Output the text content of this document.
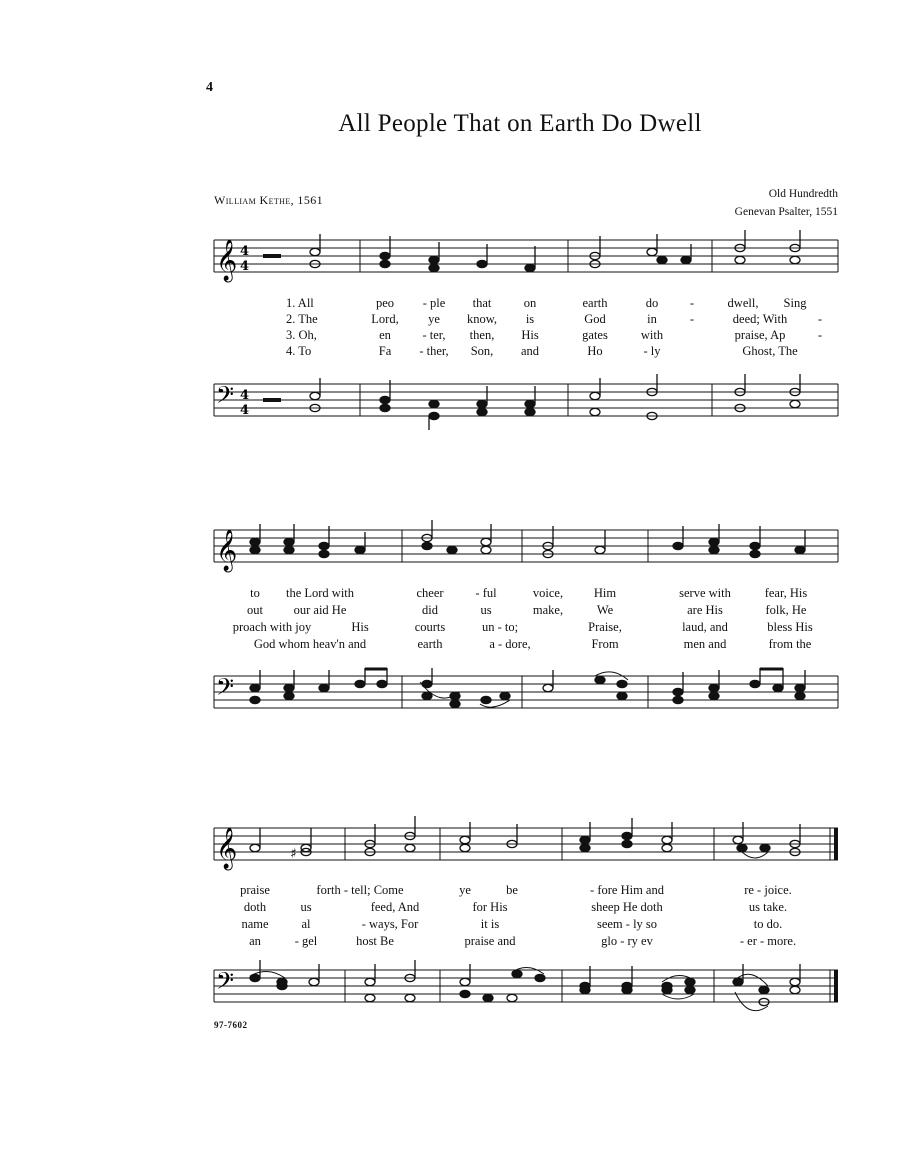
4
All People That on Earth Do Dwell
William Kethe, 1561	Old Hundredth
Genevan Psalter, 1551
97-7602
𝄞 4
4
1. All	peo - ple that	on	earth	do	-	dwell, Sing
2. The	Lord, ye know, is	God	in	-	deed; With -
3. Oh,	en	- ter, then, His	gates	with	praise, Ap	-
4. To	Fa - ther, Son, and	Ho	- ly	Ghost, The
𝄢 4
4
𝄞
to the Lord with	cheer	- ful	voice, Him	serve with	fear, His
out our aid He	did	us	make,	We	are His	folk, He
proach with joy	His	courts	un - to;	Praise,	laud, and	bless His
God whom heav'n and	earth	a - dore,	From	men and	from the
𝄢
𝄞	♯
praise	forth - tell; Come	ye	be	- fore Him and	re - joice.
doth	us	feed, And	for His	sheep He doth	us take.
name	al	- ways, For	it is	seem - ly so	to do.
an	- gel	host Be	praise and	glo - ry ev	- er - more.
𝄢
